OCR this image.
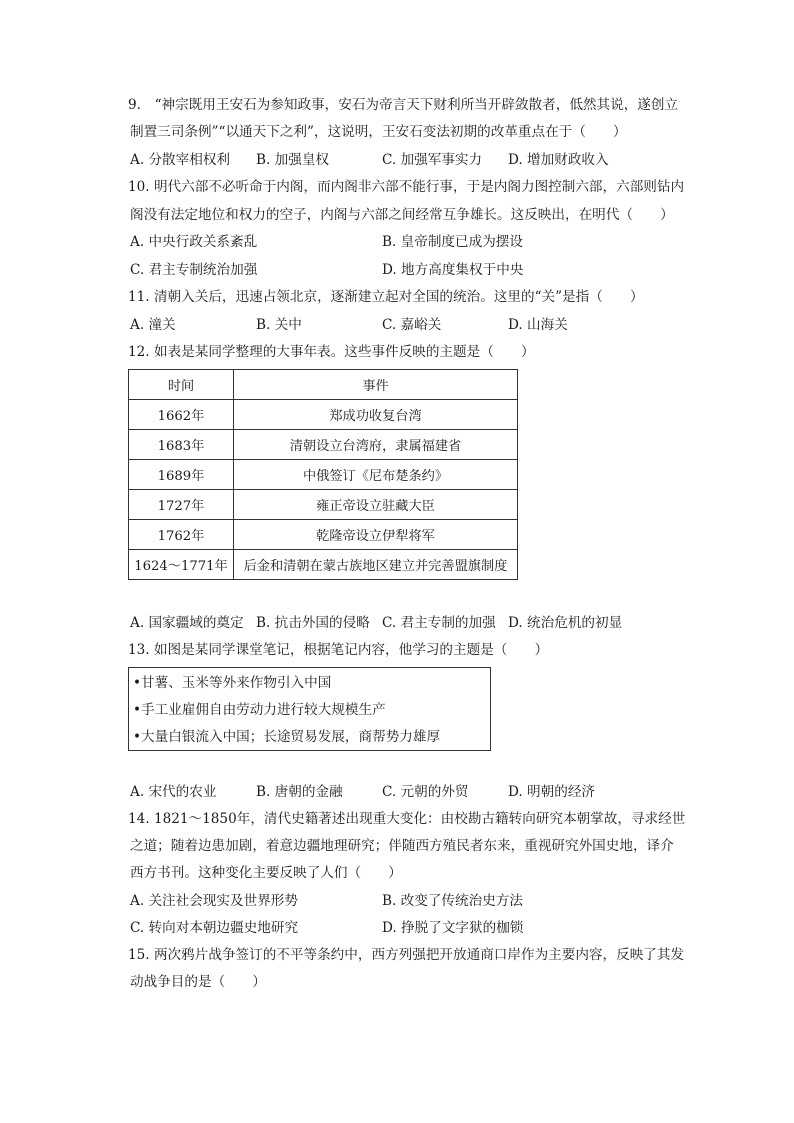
9.　“神宗既用王安石为参知政事，安石为帝言天下财利所当开辟敛散者，低然其说，遂创立
制置三司条例”“以通天下之利”，这说明，王安石变法初期的改革重点在于（　　）
A. 分散宰相权利 B. 加强皇权	C. 加强军事实力 D. 增加财政收入
10. 明代六部不必听命于内阁，而内阁非六部不能行事，于是内阁力图控制六部，六部则钻内
阁没有法定地位和权力的空子，内阁与六部之间经常互争雄长。这反映出，在明代（　　）
A. 中央行政关系紊乱	B. 皇帝制度已成为摆设
C. 君主专制统治加强	D. 地方高度集权于中央
11. 清朝入关后，迅速占领北京，逐渐建立起对全国的统治。这里的“关”是指（　　）
A. 潼关	B. 关中	C. 嘉峪关	D. 山海关
12. 如表是某同学整理的大事年表。这些事件反映的主题是（　　）
时间	事件
1662年	郑成功收复台湾
1683年	清朝设立台湾府，隶属福建省
1689年	中俄签订《尼布楚条约》
1727年	雍正帝设立驻藏大臣
1762年	乾隆帝设立伊犁将军
1624～1771年	后金和清朝在蒙古族地区建立并完善盟旗制度
A. 国家疆域的奠定 B. 抗击外国的侵略 C. 君主专制的加强 D. 统治危机的初显
13. 如图是某同学课堂笔记，根据笔记内容，他学习的主题是（　　）
•甘薯、玉米等外来作物引入中国
•手工业雇佣自由劳动力进行较大规模生产
•大量白银流入中国；长途贸易发展，商帮势力雄厚
A. 宋代的农业	B. 唐朝的金融	C. 元朝的外贸	D. 明朝的经济
14. 1821～1850年，清代史籍著述出现重大变化：由校勘古籍转向研究本朝掌故，寻求经世
之道；随着边患加剧，着意边疆地理研究；伴随西方殖民者东来，重视研究外国史地，译介
西方书刊。这种变化主要反映了人们（　　）
A. 关注社会现实及世界形势	B. 改变了传统治史方法
C. 转向对本朝边疆史地研究	D. 挣脱了文字狱的枷锁
15. 两次鸦片战争签订的不平等条约中，西方列强把开放通商口岸作为主要内容，反映了其发
动战争目的是（　　）
